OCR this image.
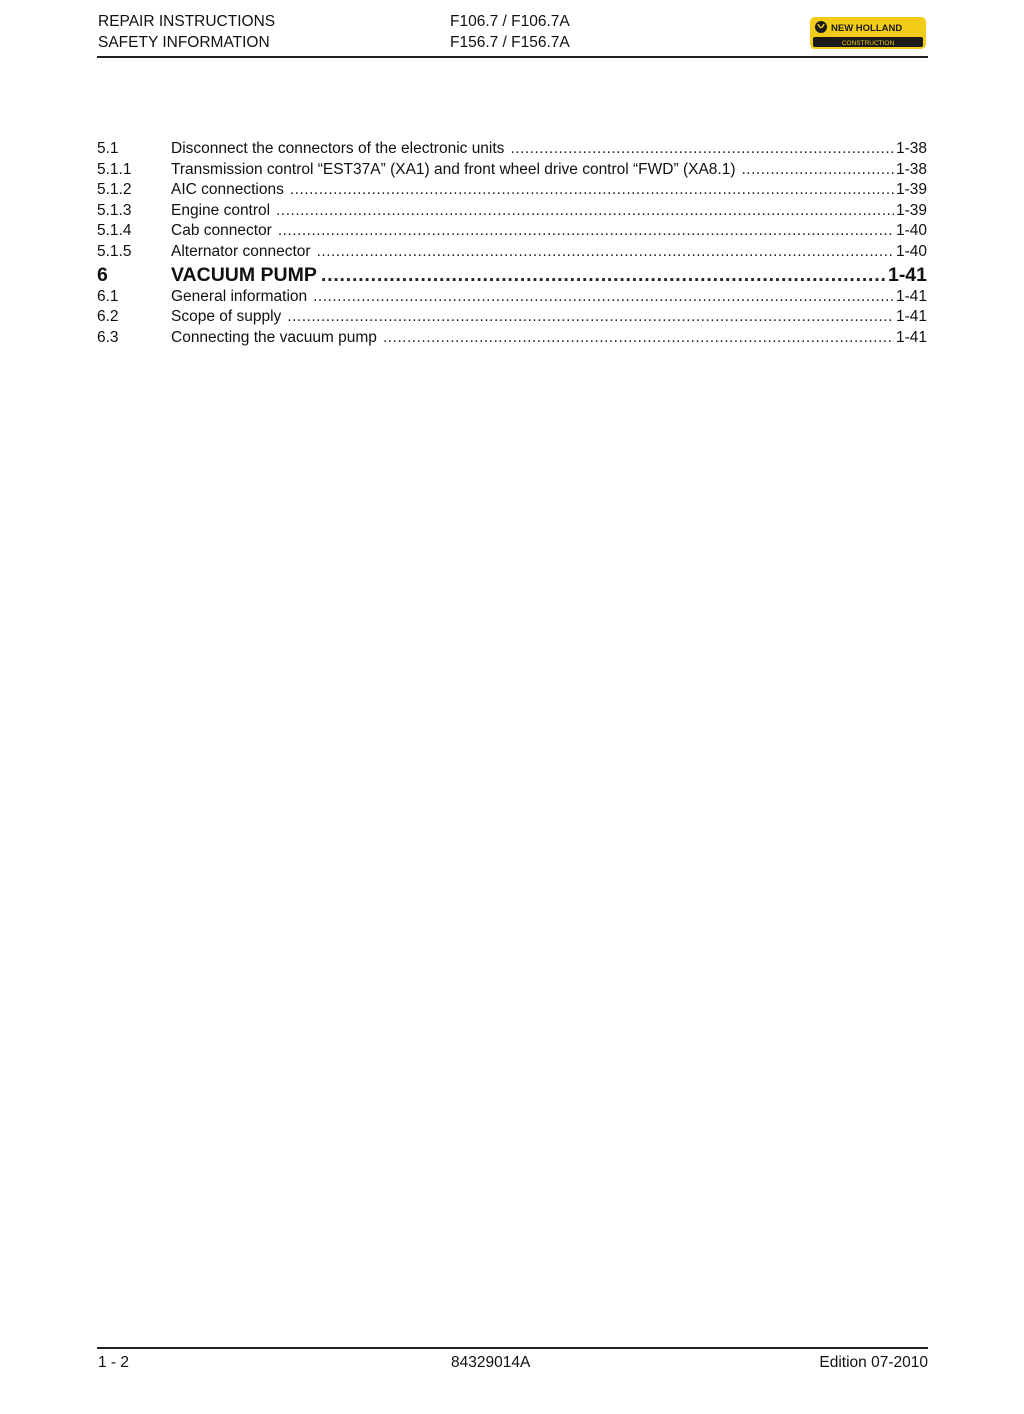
REPAIR INSTRUCTIONS
SAFETY INFORMATION
F106.7 / F106.7A
F156.7 / F156.7A
NEW HOLLAND
CONSTRUCTION
5.1	Disconnect the connectors of the electronic units .....	1-38
5.1.1	Transmission control “EST37A” (XA1) and front wheel drive control “FWD” (XA8.1) .....	1-38
5.1.2	AIC connections .....	1-39
5.1.3	Engine control .....	1-39
5.1.4	Cab connector .....	1-40
5.1.5	Alternator connector .....	1-40
6	VACUUM PUMP .....	1-41
6.1	General information .....	1-41
6.2	Scope of supply .....	1-41
6.3	Connecting the vacuum pump .....	1-41
1 - 2	84329014A	Edition 07-2010
